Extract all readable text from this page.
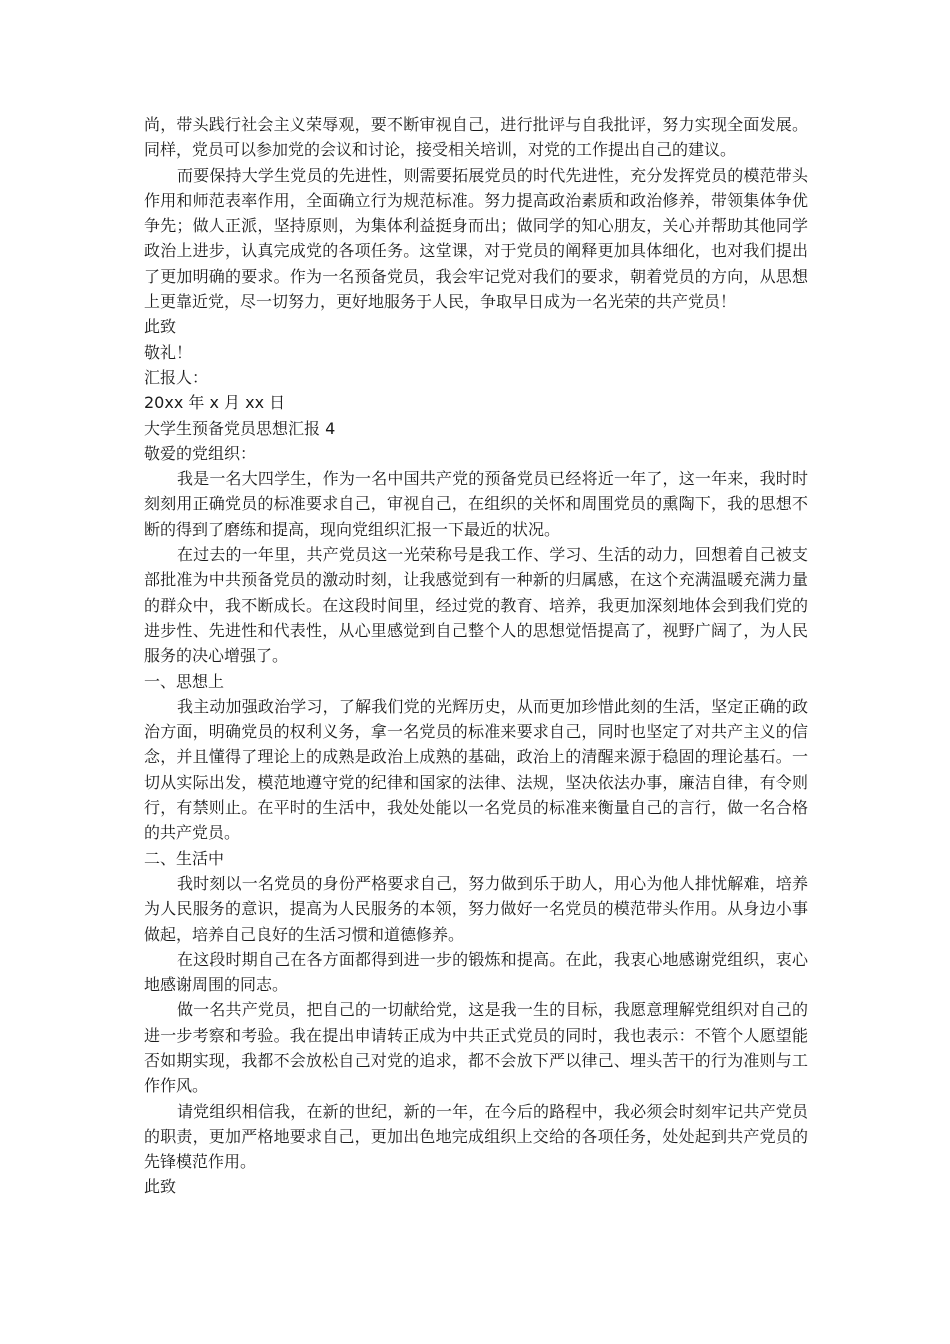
尚，带头践行社会主义荣辱观，要不断审视自己，进行批评与自我批评，努力实现全面发展。同样，党员可以参加党的会议和讨论，接受相关培训，对党的工作提出自己的建议。

而要保持大学生党员的先进性，则需要拓展党员的时代先进性，充分发挥党员的模范带头作用和师范表率作用，全面确立行为规范标准。努力提高政治素质和政治修养，带领集体争优争先；做人正派，坚持原则，为集体利益挺身而出；做同学的知心朋友，关心并帮助其他同学政治上进步，认真完成党的各项任务。这堂课，对于党员的阐释更加具体细化，也对我们提出了更加明确的要求。作为一名预备党员，我会牢记党对我们的要求，朝着党员的方向，从思想上更靠近党，尽一切努力，更好地服务于人民，争取早日成为一名光荣的共产党员！

此致

敬礼！

汇报人：

20xx 年 x 月 xx 日

大学生预备党员思想汇报 4

敬爱的党组织：

我是一名大四学生，作为一名中国共产党的预备党员已经将近一年了，这一年来，我时时刻刻用正确党员的标准要求自己，审视自己，在组织的关怀和周围党员的熏陶下，我的思想不断的得到了磨练和提高，现向党组织汇报一下最近的状况。

在过去的一年里，共产党员这一光荣称号是我工作、学习、生活的动力，回想着自己被支部批准为中共预备党员的激动时刻，让我感觉到有一种新的归属感，在这个充满温暖充满力量的群众中，我不断成长。在这段时间里，经过党的教育、培养，我更加深刻地体会到我们党的进步性、先进性和代表性，从心里感觉到自己整个人的思想觉悟提高了，视野广阔了，为人民服务的决心增强了。

一、思想上

我主动加强政治学习，了解我们党的光辉历史，从而更加珍惜此刻的生活，坚定正确的政治方面，明确党员的权利义务，拿一名党员的标准来要求自己，同时也坚定了对共产主义的信念，并且懂得了理论上的成熟是政治上成熟的基础，政治上的清醒来源于稳固的理论基石。一切从实际出发，模范地遵守党的纪律和国家的法律、法规，坚决依法办事，廉洁自律，有令则行，有禁则止。在平时的生活中，我处处能以一名党员的标准来衡量自己的言行，做一名合格的共产党员。

二、生活中

我时刻以一名党员的身份严格要求自己，努力做到乐于助人，用心为他人排忧解难，培养为人民服务的意识，提高为人民服务的本领，努力做好一名党员的模范带头作用。从身边小事做起，培养自己良好的生活习惯和道德修养。

在这段时期自己在各方面都得到进一步的锻炼和提高。在此，我衷心地感谢党组织，衷心地感谢周围的同志。

做一名共产党员，把自己的一切献给党，这是我一生的目标，我愿意理解党组织对自己的进一步考察和考验。我在提出申请转正成为中共正式党员的同时，我也表示：不管个人愿望能否如期实现，我都不会放松自己对党的追求，都不会放下严以律己、埋头苦干的行为准则与工作作风。

请党组织相信我，在新的世纪，新的一年，在今后的路程中，我必须会时刻牢记共产党员的职责，更加严格地要求自己，更加出色地完成组织上交给的各项任务，处处起到共产党员的先锋模范作用。

此致
